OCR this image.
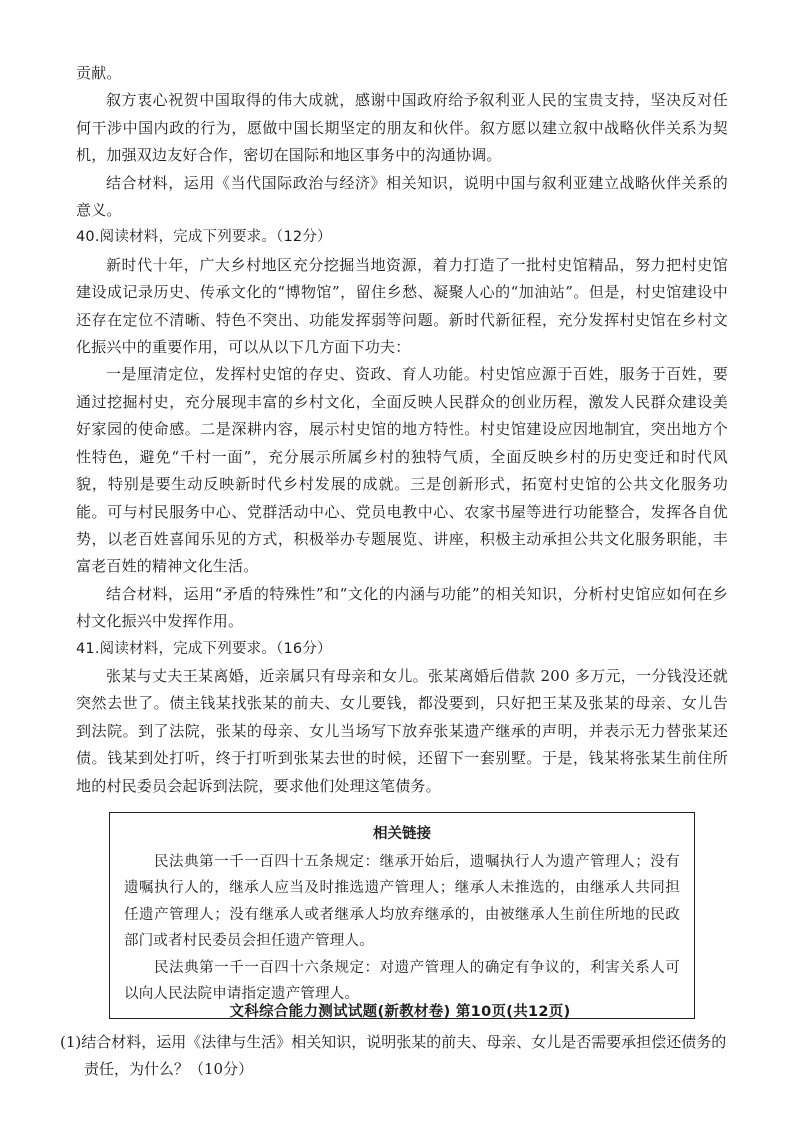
贡献。

叙方衷心祝贺中国取得的伟大成就，感谢中国政府给予叙利亚人民的宝贵支持，坚决反对任何干涉中国内政的行为，愿做中国长期坚定的朋友和伙伴。叙方愿以建立叙中战略伙伴关系为契机，加强双边友好合作，密切在国际和地区事务中的沟通协调。

结合材料，运用《当代国际政治与经济》相关知识，说明中国与叙利亚建立战略伙伴关系的意义。

40.阅读材料，完成下列要求。（12分）

新时代十年，广大乡村地区充分挖掘当地资源，着力打造了一批村史馆精品，努力把村史馆建设成记录历史、传承文化的“博物馆”，留住乡愁、凝聚人心的“加油站”。但是，村史馆建设中还存在定位不清晰、特色不突出、功能发挥弱等问题。新时代新征程，充分发挥村史馆在乡村文化振兴中的重要作用，可以从以下几方面下功夫：

一是厘清定位，发挥村史馆的存史、资政、育人功能。村史馆应源于百姓，服务于百姓，要通过挖掘村史，充分展现丰富的乡村文化，全面反映人民群众的创业历程，激发人民群众建设美好家园的使命感。二是深耕内容，展示村史馆的地方特性。村史馆建设应因地制宜，突出地方个性特色，避免“千村一面”，充分展示所属乡村的独特气质，全面反映乡村的历史变迁和时代风貌，特别是要生动反映新时代乡村发展的成就。三是创新形式，拓宽村史馆的公共文化服务功能。可与村民服务中心、党群活动中心、党员电教中心、农家书屋等进行功能整合，发挥各自优势，以老百姓喜闻乐见的方式，积极举办专题展览、讲座，积极主动承担公共文化服务职能，丰富老百姓的精神文化生活。

结合材料，运用“矛盾的特殊性”和“文化的内涵与功能”的相关知识，分析村史馆应如何在乡村文化振兴中发挥作用。

41.阅读材料，完成下列要求。（16分）

张某与丈夫王某离婚，近亲属只有母亲和女儿。张某离婚后借款 200 多万元，一分钱没还就突然去世了。债主钱某找张某的前夫、女儿要钱，都没要到，只好把王某及张某的母亲、女儿告到法院。到了法院，张某的母亲、女儿当场写下放弃张某遗产继承的声明，并表示无力替张某还债。钱某到处打听，终于打听到张某去世的时候，还留下一套别墅。于是，钱某将张某生前住所地的村民委员会起诉到法院，要求他们处理这笔债务。

相关链接

民法典第一千一百四十五条规定：继承开始后，遗嘱执行人为遗产管理人；没有遗嘱执行人的，继承人应当及时推选遗产管理人；继承人未推选的，由继承人共同担任遗产管理人；没有继承人或者继承人均放弃继承的，由被继承人生前住所地的民政部门或者村民委员会担任遗产管理人。

民法典第一千一百四十六条规定：对遗产管理人的确定有争议的，利害关系人可以向人民法院申请指定遗产管理人。

(1)结合材料，运用《法律与生活》相关知识，说明张某的前夫、母亲、女儿是否需要承担偿还债务的责任，为什么？（10分）
文科综合能力测试试题(新教材卷) 第10页(共12页)
